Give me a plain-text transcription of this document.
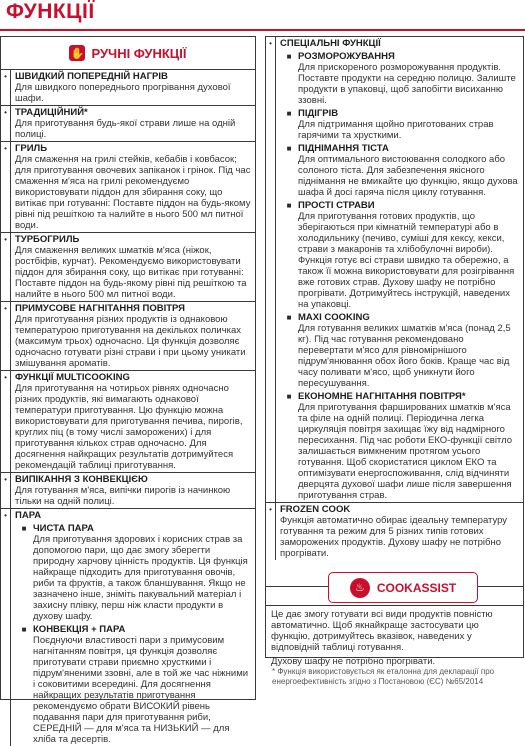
ФУНКЦІЇ
✋ РУЧНІ ФУНКЦІЇ
• ШВИДКИЙ ПОПЕРЕДНІЙ НАГРІВ
Для швидкого попереднього прогрівання духової шафи.
• ТРАДИЦІЙНИЙ*
Для приготування будь-якої страви лише на одній полиці.
• ГРИЛЬ
Для смаження на грилі стейків, кебабів і ковбасок; для приготування овочевих запіканок і грінок. Під час смаження м'яса на грилі рекомендуємо використовувати піддон для збирання соку, що витікає при готуванні: Поставте піддон на будь-якому рівні під решіткою та налийте в нього 500 мл питної води.
• ТУРБОГРИЛЬ
Для смаження великих шматків м'яса (ніжок, ростбіфів, курчат). Рекомендуємо використовувати піддон для збирання соку, що витікає при готуванні: Поставте піддон на будь-якому рівні під решіткою та налийте в нього 500 мл питної води.
• ПРИМУСОВЕ НАГНІТАННЯ ПОВІТРЯ
Для приготування різних продуктів із однаковою температурою приготування на декількох поличках (максимум трьох) одночасно. Ця функція дозволяє одночасно готувати різні страви і при цьому уникати змішування ароматів.
• ФУНКЦІЇ MULTICOOKING
Для приготування на чотирьох рівнях одночасно різних продуктів, які вимагають однакової температури приготування. Цю функцію можна використовувати для приготування печива, пирогів, круглих піц (в тому числі заморожених) і для приготування кількох страв одночасно. Для досягнення найкращих результатів дотримуйтеся рекомендацій таблиці приготування.
• ВИПІКАННЯ З КОНВЕКЦІЄЮ
Для готування м'яса, випічки пирогів із начинкою тільки на одній полиці.
• ПАРА
■ ЧИСТА ПАРА
Для приготування здорових і корисних страв за допомогою пари, що дає змогу зберегти природну харчову цінність продуктів. Ця функція найкраще підходить для приготування овочів, риби та фруктів, а також бланшування. Якщо не зазначено інше, зніміть пакувальний матеріал і захисну плівку, перш ніж класти продукти в духову шафу.
■ КОНВЕКЦІЯ + ПАРА
Поєднуючи властивості пари з примусовим нагнітанням повітря, ця функція дозволяє приготувати страви приємно хрусткими і підрум'яненими ззовні, але в той же час ніжними і соковитими всередині. Для досягнення найкращих результатів приготування рекомендуємо обрати ВИСОКИЙ рівень подавання пари для приготування риби, СЕРЕДНІЙ — для м'яса та НИЗЬКИЙ — для хліба та десертів.
• СПЕЦІАЛЬНІ ФУНКЦІЇ
■ РОЗМОРОЖУВАННЯ
Для прискореного розморожування продуктів. Поставте продукти на середню полицю. Залиште продукти в упаковці, щоб запобігти висиханню ззовні.
■ ПІДІГРІВ
Для підтримання щойно приготованих страв гарячими та хрусткими.
■ ПІДНІМАННЯ ТІСТА
Для оптимального вистоювання солодкого або солоного тіста. Для забезпечення якісного піднімання не вмикайте цю функцію, якщо духова шафа й досі гаряча після циклу готування.
■ ПРОСТІ СТРАВИ
Для приготування готових продуктів, що зберігаються при кімнатній температурі або в холодильнику (печиво, суміші для кексу, кекси, страви з макаронів та хлібобулочні вироби). Функція готує всі страви швидко та обережно, а також її можна використовувати для розігрівання вже готових страв. Духову шафу не потрібно прогрівати. Дотримуйтесь інструкцій, наведених на упаковці.
■ MAXI COOKING
Для готування великих шматків м'яса (понад 2,5 кг). Під час готування рекомендовано перевертати м'ясо для рівномірнішого підрум'янювання обох його боків. Краще час від часу поливати м'ясо, щоб уникнути його пересушування.
■ ЕКОНОМНЕ НАГНІТАННЯ ПОВІТРЯ*
Для приготування фаршированих шматків м'яса та філе на одній полиці. Періодична легка циркуляція повітря захищає їжу від надмірного пересихання. Під час роботи ЕКО-функції світло залишається вимкненим протягом усього готування. Щоб скористатися циклом ЕКО та оптимізувати енергоспоживання, слід відчиняти дверцята духової шафи лише після завершення приготування страв.
• FROZEN COOK
Функція автоматично обирає ідеальну температуру готування та режим для 5 різних типів готових заморожених продуктів. Духову шафу не потрібно прогрівати.
♨	COOKASSIST
Це дає змогу готувати всі види продуктів повністю автоматично. Щоб якнайкраще застосувати цю функцію, дотримуйтесь вказівок, наведених у відповідній таблиці готування.
Духову шафу не потрібно прогрівати.
* Функція використовується як еталонна для декларації про енергоефективність згідно з Постановою (ЄС) №65/2014
